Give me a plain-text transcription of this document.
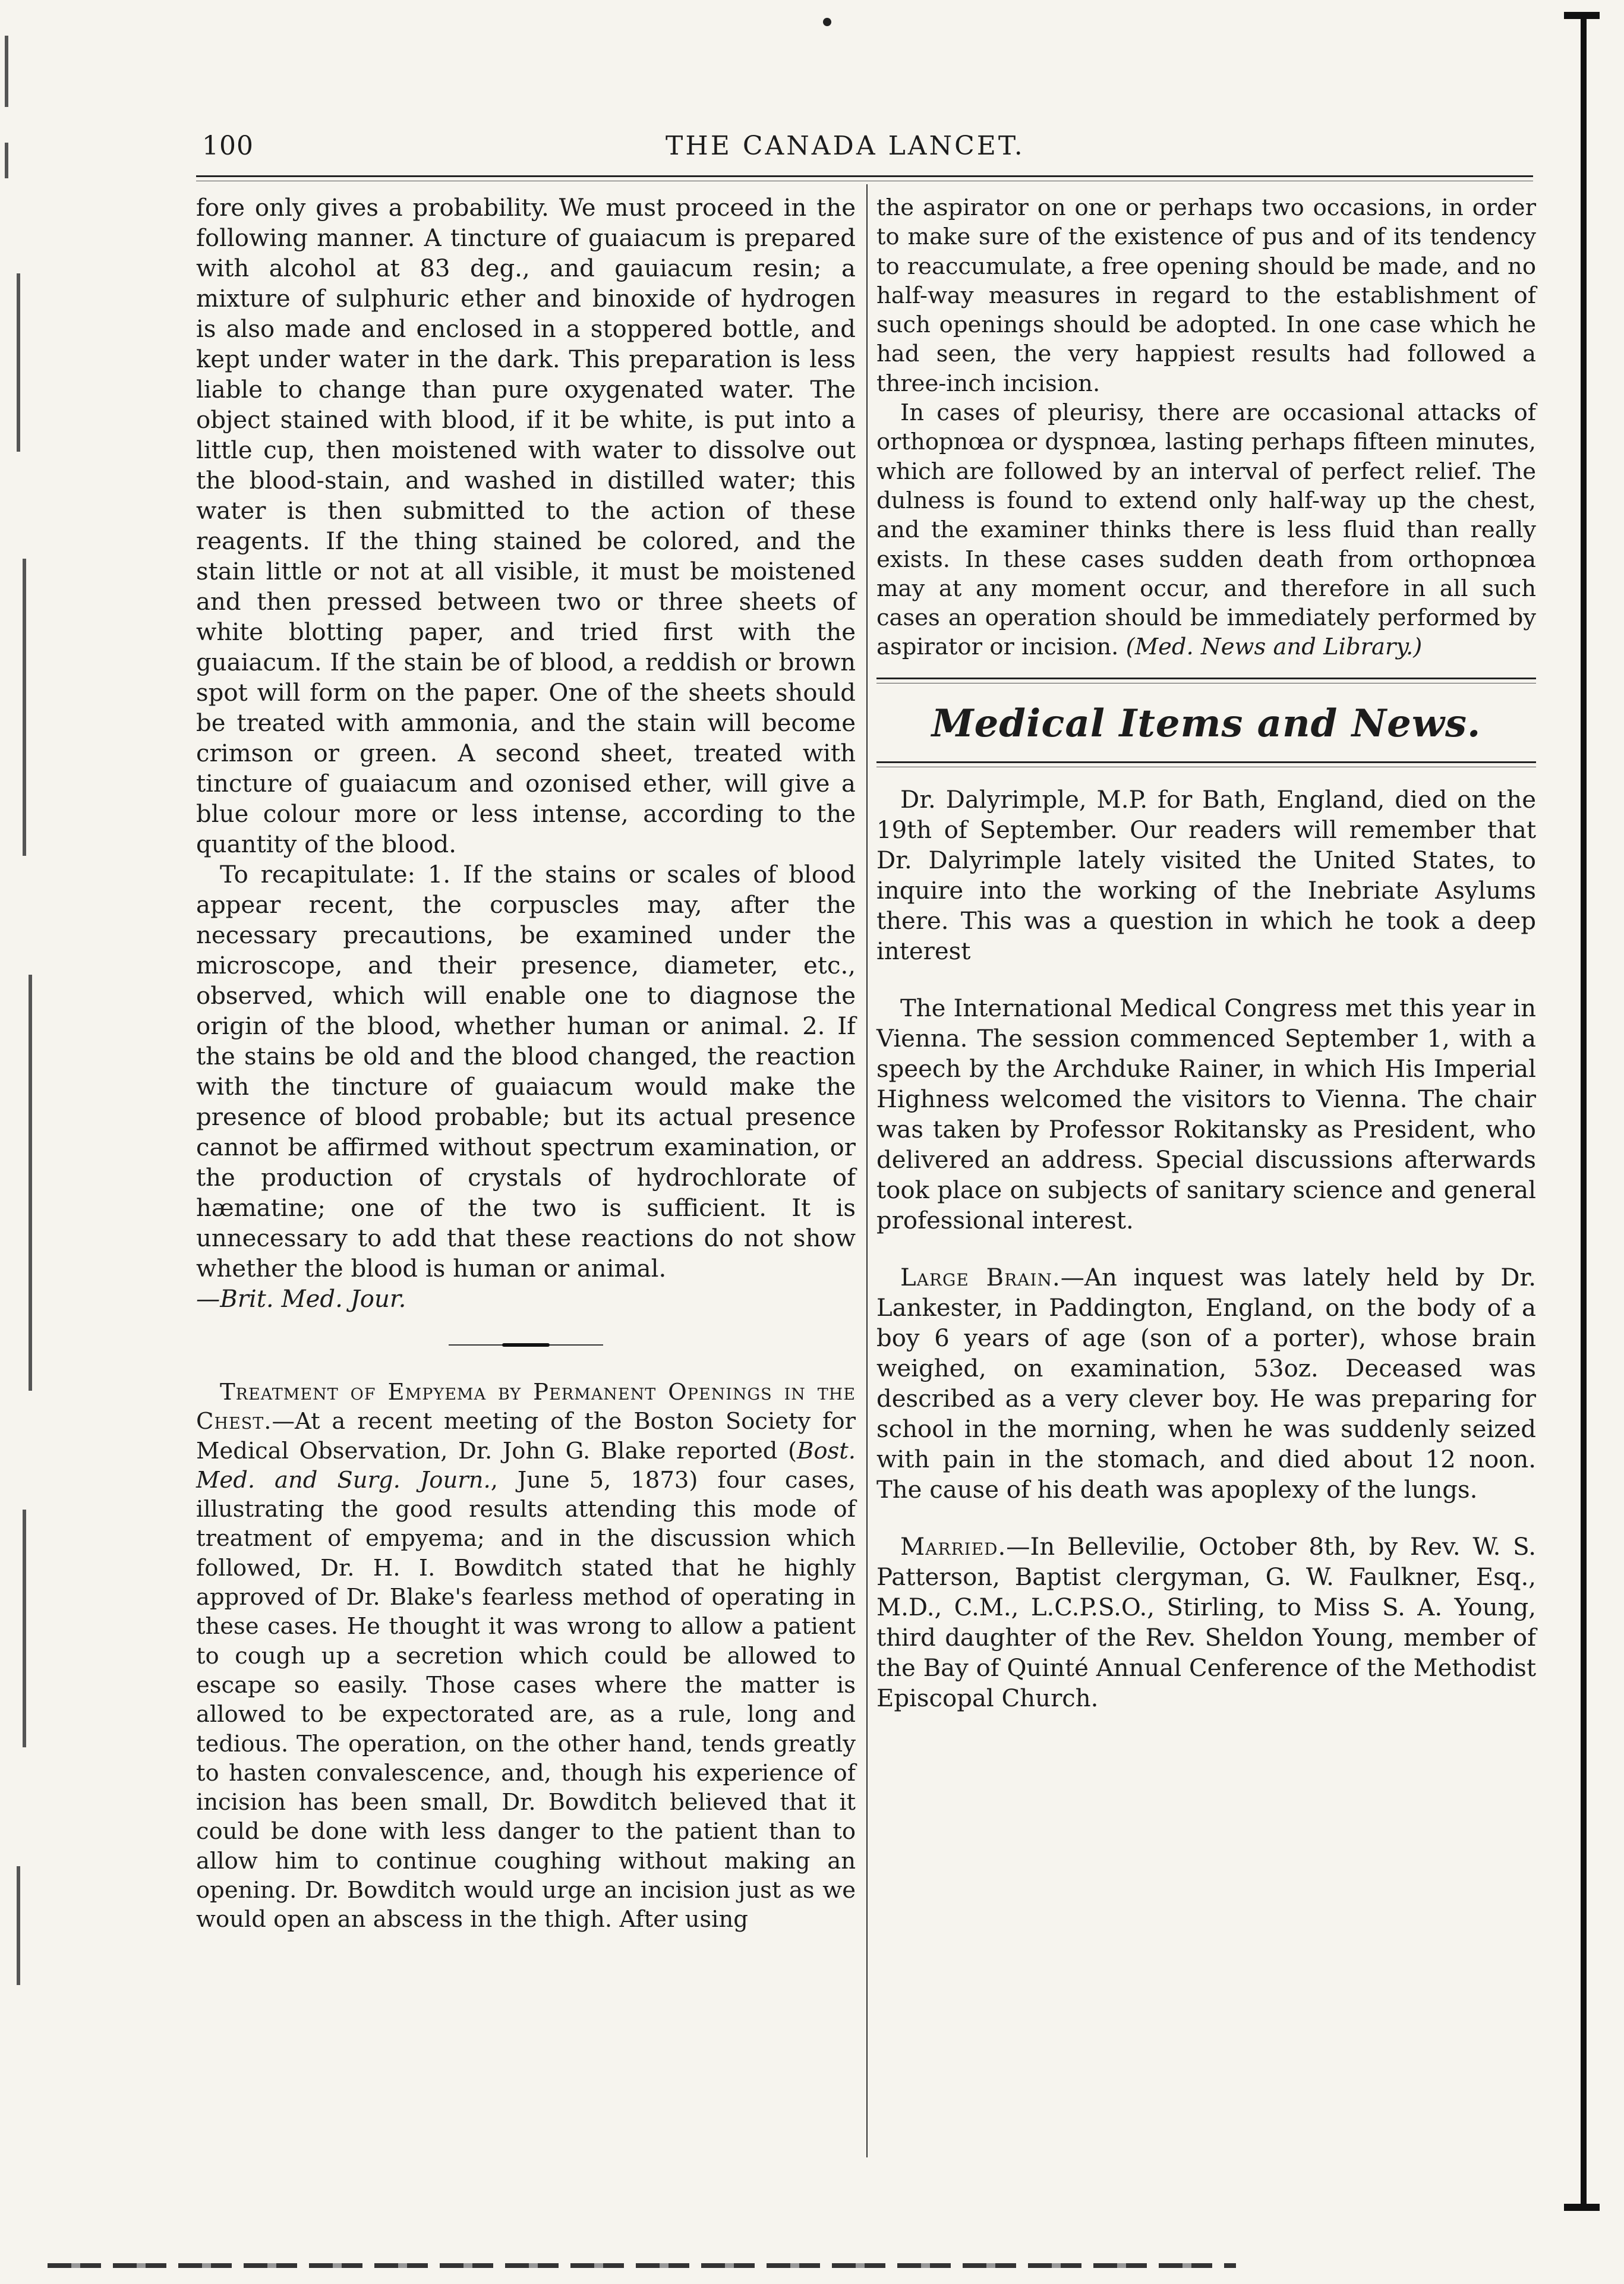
100	THE CANADA LANCET.

fore only gives a probability. We must proceed in the following manner. A tincture of guaiacum is prepared with alcohol at 83 deg., and gauiacum resin; a mixture of sulphuric ether and binoxide of hydrogen is also made and enclosed in a stoppered bottle, and kept under water in the dark. This preparation is less liable to change than pure oxygenated water. The object stained with blood, if it be white, is put into a little cup, then moistened with water to dissolve out the blood-stain, and washed in distilled water; this water is then submitted to the action of these reagents. If the thing stained be colored, and the stain little or not at all visible, it must be moistened and then pressed between two or three sheets of white blotting paper, and tried first with the guaiacum. If the stain be of blood, a reddish or brown spot will form on the paper. One of the sheets should be treated with ammonia, and the stain will become crimson or green. A second sheet, treated with tincture of guaiacum and ozonised ether, will give a blue colour more or less intense, according to the quantity of the blood.

To recapitulate: 1. If the stains or scales of blood appear recent, the corpuscles may, after the necessary precautions, be examined under the microscope, and their presence, diameter, etc., observed, which will enable one to diagnose the origin of the blood, whether human or animal. 2. If the stains be old and the blood changed, the reaction with the tincture of guaiacum would make the presence of blood probable; but its actual presence cannot be affirmed without spectrum examination, or the production of crystals of hydrochlorate of hæmatine; one of the two is sufficient. It is unnecessary to add that these reactions do not show whether the blood is human or animal.
—Brit. Med. Jour.

Treatment of Empyema by Permanent Openings in the Chest.—At a recent meeting of the Boston Society for Medical Observation, Dr. John G. Blake reported (Bost. Med. and Surg. Journ., June 5, 1873) four cases, illustrating the good results attending this mode of treatment of empyema; and in the discussion which followed, Dr. H. I. Bowditch stated that he highly approved of Dr. Blake's fearless method of operating in these cases. He thought it was wrong to allow a patient to cough up a secretion which could be allowed to escape so easily. Those cases where the matter is allowed to be expectorated are, as a rule, long and tedious. The operation, on the other hand, tends greatly to hasten convalescence, and, though his experience of incision has been small, Dr. Bowditch believed that it could be done with less danger to the patient than to allow him to continue coughing without making an opening. Dr. Bowditch would urge an incision just as we would open an abscess in the thigh. After using

the aspirator on one or perhaps two occasions, in order to make sure of the existence of pus and of its tendency to reaccumulate, a free opening should be made, and no half-way measures in regard to the establishment of such openings should be adopted. In one case which he had seen, the very happiest results had followed a three-inch incision.

In cases of pleurisy, there are occasional attacks of orthopnœa or dyspnœa, lasting perhaps fifteen minutes, which are followed by an interval of perfect relief. The dulness is found to extend only half-way up the chest, and the examiner thinks there is less fluid than really exists. In these cases sudden death from orthopnœa may at any moment occur, and therefore in all such cases an operation should be immediately performed by aspirator or incision. (Med. News and Library.)

Medical Items and News.

Dr. Dalyrimple, M.P. for Bath, England, died on the 19th of September. Our readers will remember that Dr. Dalyrimple lately visited the United States, to inquire into the working of the Inebriate Asylums there. This was a question in which he took a deep interest

The International Medical Congress met this year in Vienna. The session commenced September 1, with a speech by the Archduke Rainer, in which His Imperial Highness welcomed the visitors to Vienna. The chair was taken by Professor Rokitansky as President, who delivered an address. Special discussions afterwards took place on subjects of sanitary science and general professional interest.

Large Brain.—An inquest was lately held by Dr. Lankester, in Paddington, England, on the body of a boy 6 years of age (son of a porter), whose brain weighed, on examination, 53oz. Deceased was described as a very clever boy. He was preparing for school in the morning, when he was suddenly seized with pain in the stomach, and died about 12 noon. The cause of his death was apoplexy of the lungs.

Married.—In Bellevilie, October 8th, by Rev. W. S. Patterson, Baptist clergyman, G. W. Faulkner, Esq., M.D., C.M., L.C.P.S.O., Stirling, to Miss S. A. Young, third daughter of the Rev. Sheldon Young, member of the Bay of Quinté Annual Cenference of the Methodist Episcopal Church.
